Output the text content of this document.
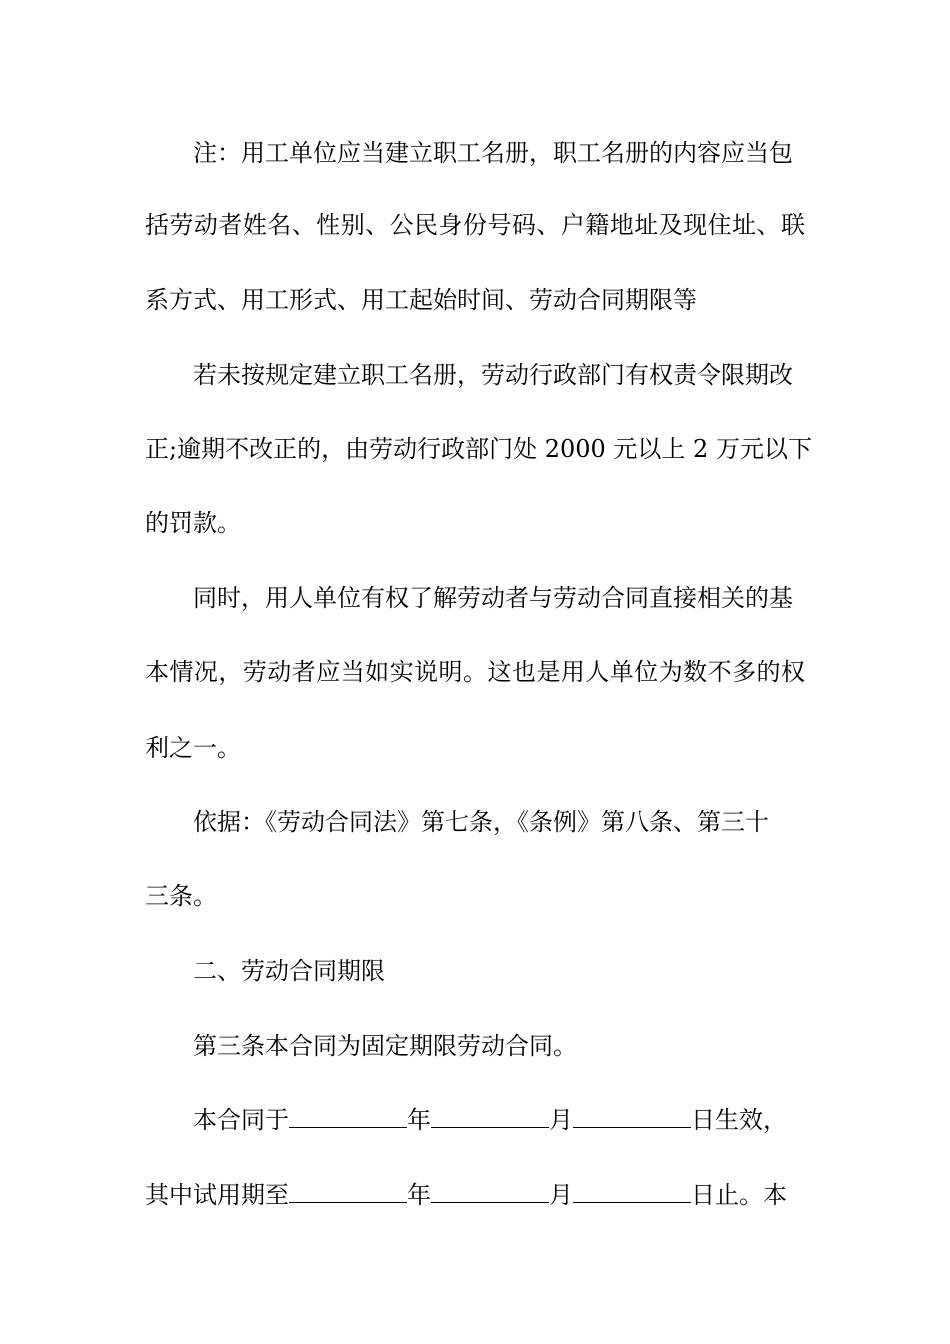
注：用工单位应当建立职工名册，职工名册的内容应当包
括劳动者姓名、性别、公民身份号码、户籍地址及现住址、联
系方式、用工形式、用工起始时间、劳动合同期限等
若未按规定建立职工名册，劳动行政部门有权责令限期改
正;逾期不改正的，由劳动行政部门处 2000 元以上 2 万元以下
的罚款。
同时，用人单位有权了解劳动者与劳动合同直接相关的基
本情况，劳动者应当如实说明。这也是用人单位为数不多的权
利之一。
依据：《劳动合同法》第七条，《条例》第八条、第三十
三条。
二、劳动合同期限
第三条本合同为固定期限劳动合同。
本合同于	年	月	日生效，
其中试用期至	年	月	日止。本
